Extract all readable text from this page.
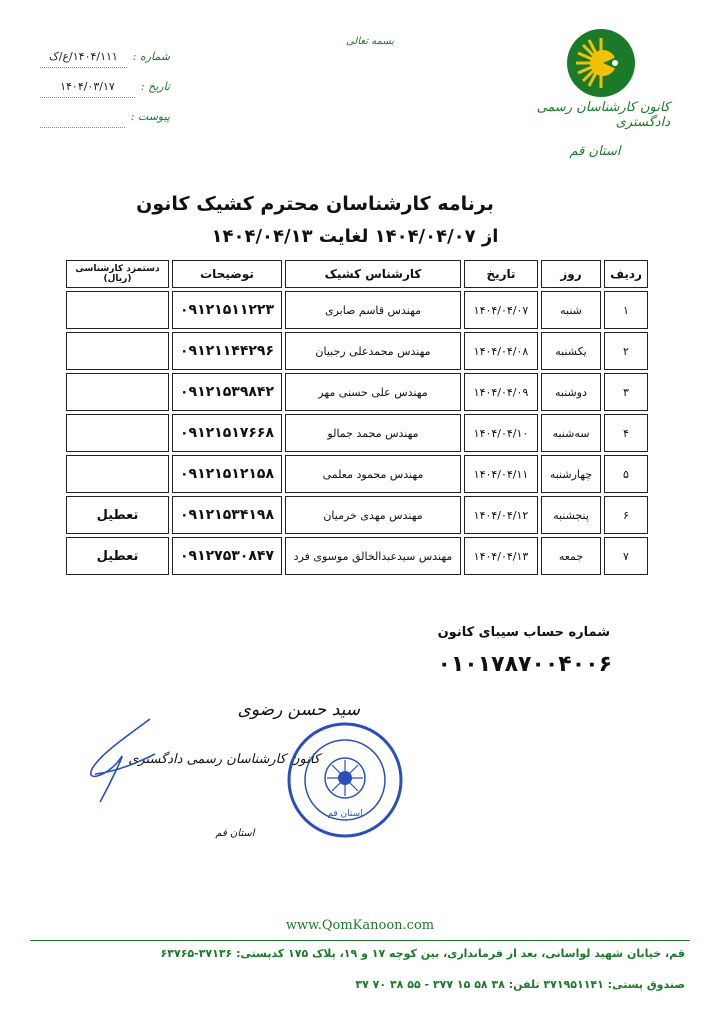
کانون کارشناسان رسمی دادگستری
استان قم
بسمه تعالی
شماره :
۱۴۰۴/۱۱۱/ع/ک
تاریخ :
۱۴۰۴/۰۳/۱۷
پیوست :
برنامه کارشناسان محترم کشیک کانون
از ۱۴۰۴/۰۴/۰۷ لغایت ۱۴۰۴/۰۴/۱۳
ردیف	روز	تاریخ	کارشناس کشیک	توضیحات	دستمزد کارشناسی (ریال)
۱	شنبه	۱۴۰۴/۰۴/۰۷	مهندس قاسم صابری	۰۹۱۲۱۵۱۱۲۲۳	
۲	یکشنبه	۱۴۰۴/۰۴/۰۸	مهندس محمدعلی رجبیان	۰۹۱۲۱۱۴۴۲۹۶	
۳	دوشنبه	۱۴۰۴/۰۴/۰۹	مهندس علی حسنی مهر	۰۹۱۲۱۵۳۹۸۴۲	
۴	سه‌شنبه	۱۴۰۴/۰۴/۱۰	مهندس محمد جمالو	۰۹۱۲۱۵۱۷۶۶۸	
۵	چهارشنبه	۱۴۰۴/۰۴/۱۱	مهندس محمود معلمی	۰۹۱۲۱۵۱۲۱۵۸	
۶	پنجشنبه	۱۴۰۴/۰۴/۱۲	مهندس مهدی خرمیان	۰۹۱۲۱۵۳۴۱۹۸	تعطیل
۷	جمعه	۱۴۰۴/۰۴/۱۳	مهندس سیدعبدالخالق موسوی فرد	۰۹۱۲۷۵۳۰۸۴۷	تعطیل
شماره حساب سیبای کانون
۰۱۰۱۷۸۷۰۰۴۰۰۶
سید حسن رضوی
کانون کارشناسان رسمی دادگستری
استان قم
استان قم
www.QomKanoon.com
قم، خیابان شهید لواسانی، بعد از فرمانداری، بین کوچه ۱۷ و ۱۹، پلاک ۱۷۵ کدپستی: ۳۷۱۳۶-۶۳۷۶۵
صندوق پستی: ۳۷۱۹۵۱۱۴۱ تلفن: ۳۸ ۵۸ ۱۵ ۳۷۷ - ۵۵ ۳۸ ۷۰ ۳۷
